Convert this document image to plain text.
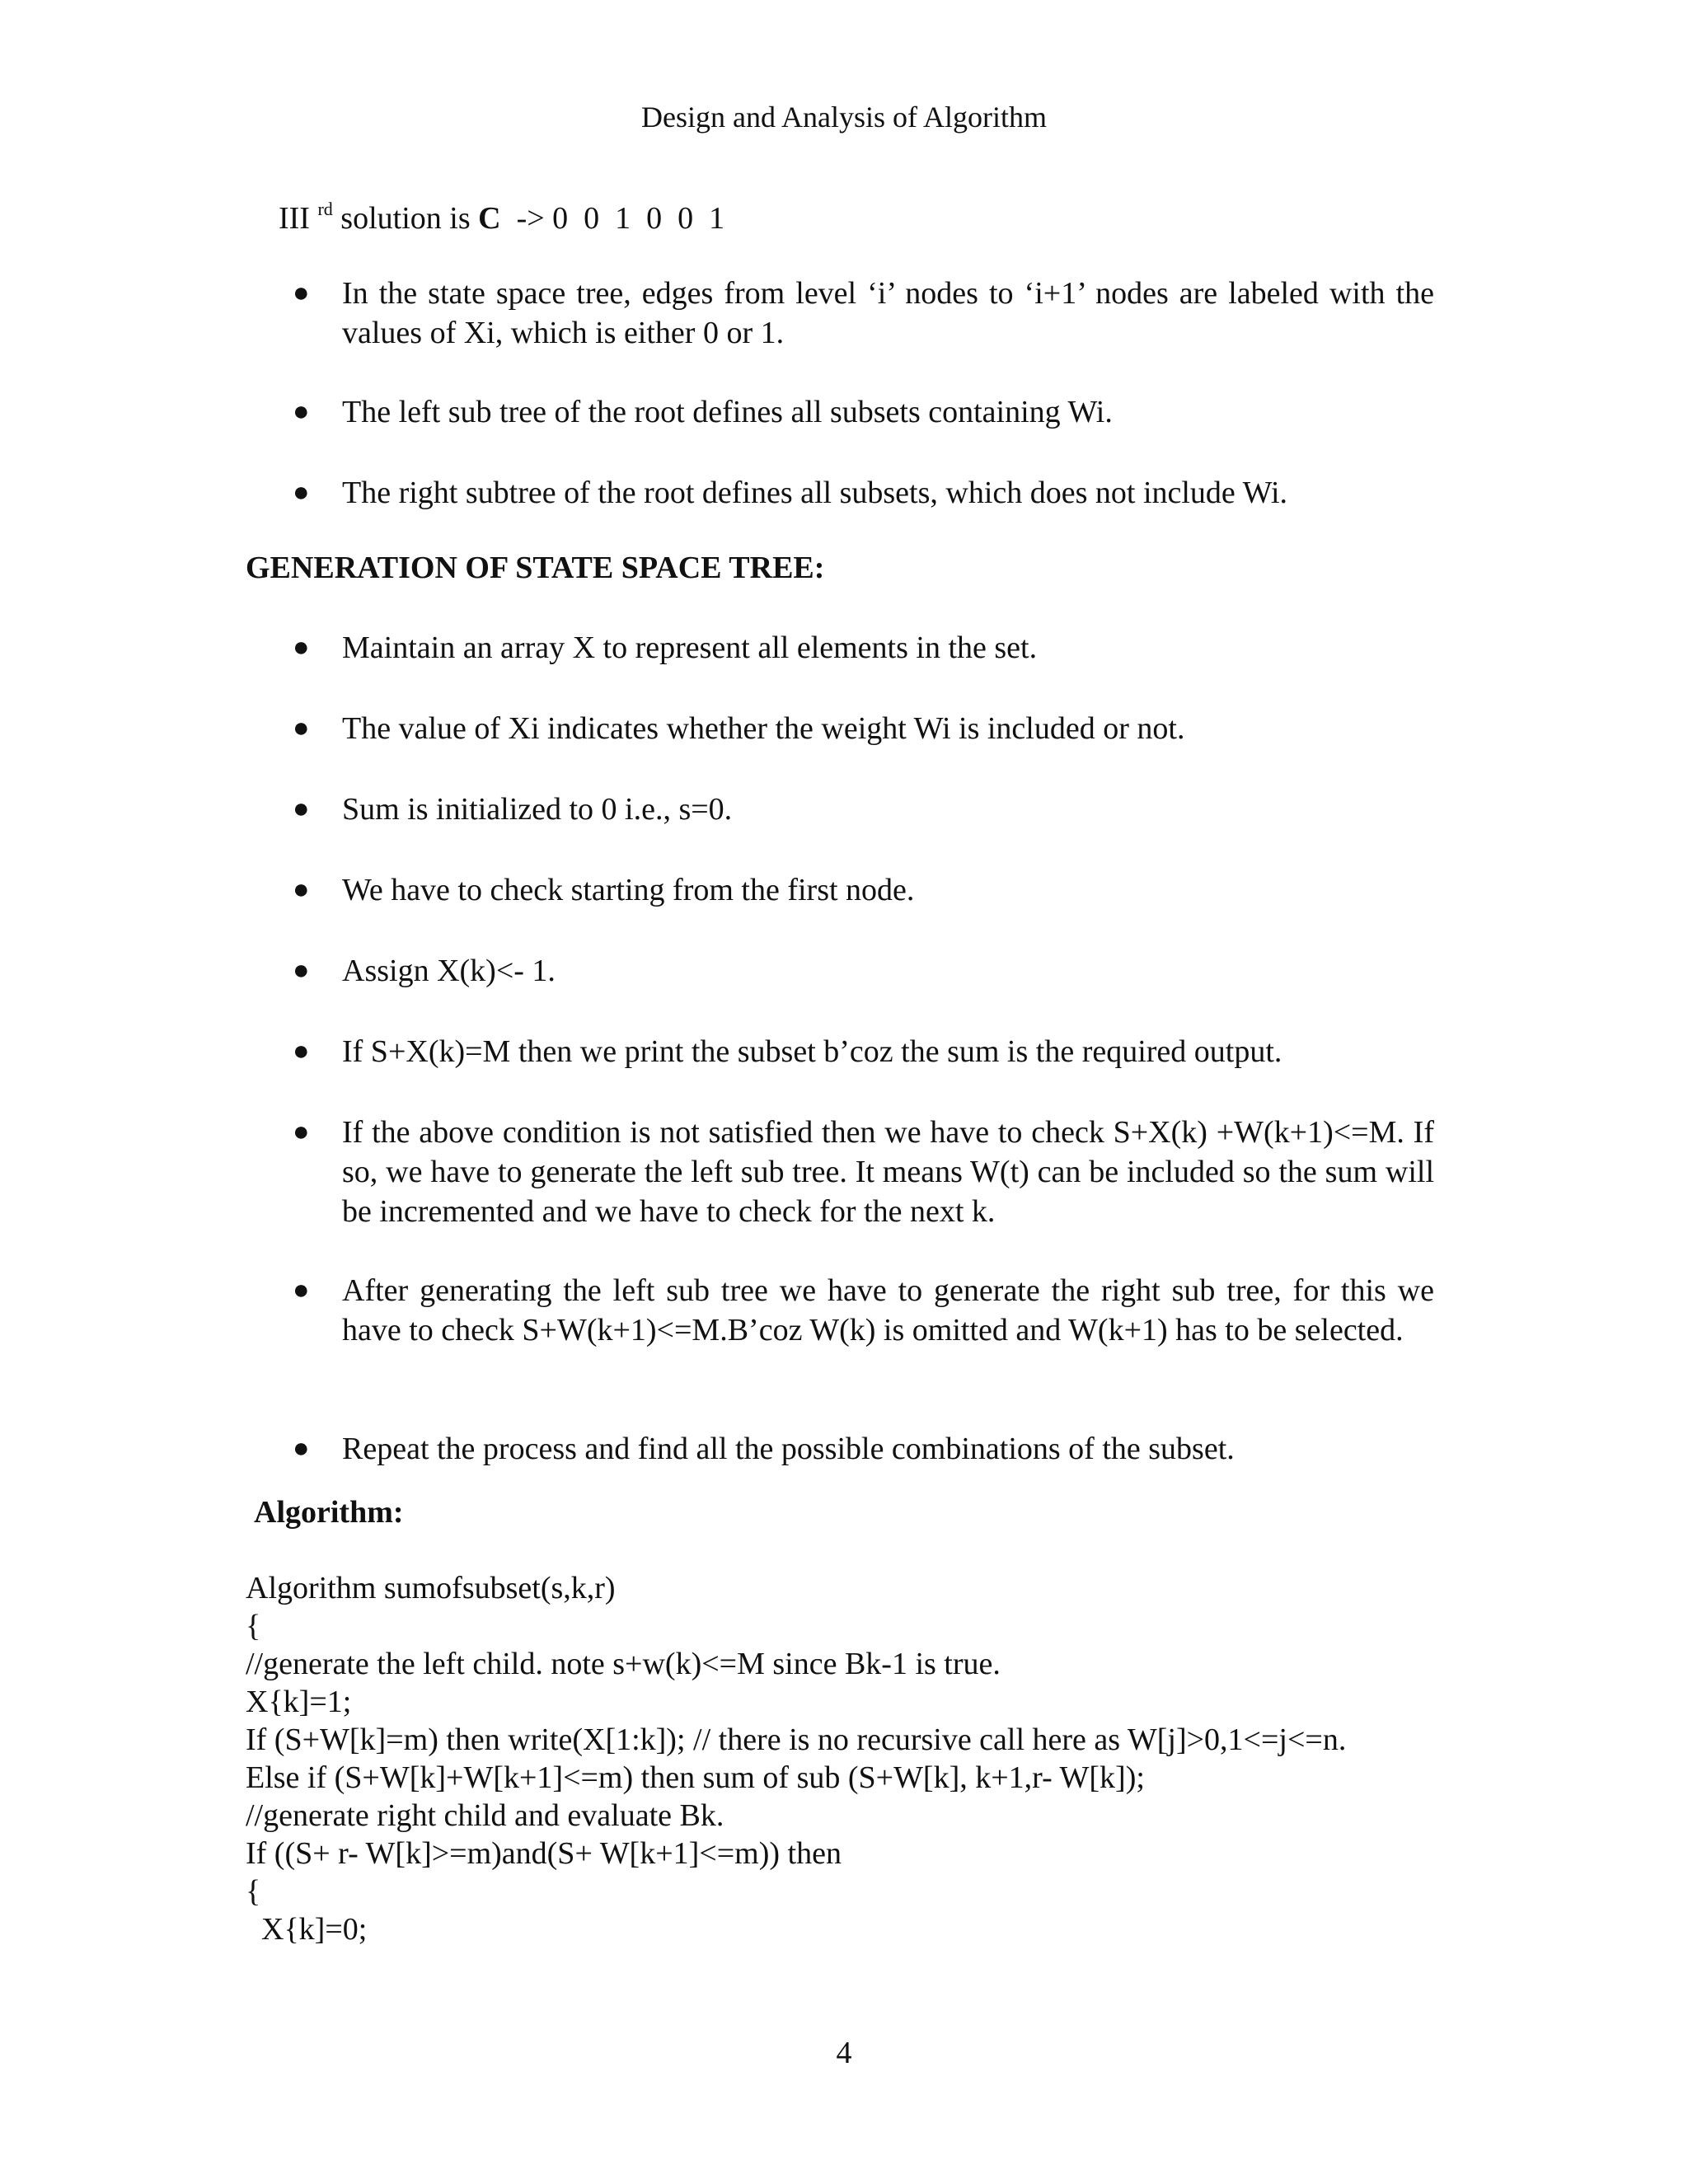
Design and Analysis of Algorithm
III $^{rd}$ solution is C  -> 0  0  1  0  0  1
●	In the state space tree, edges from level ‘i’ nodes to ‘i+1’ nodes are labeled with the values of Xi, which is either 0 or 1.
●	The left sub tree of the root defines all subsets containing Wi.
●	The right subtree of the root defines all subsets, which does not include Wi.
GENERATION OF STATE SPACE TREE:
●	Maintain an array X to represent all elements in the set.
●	The value of Xi indicates whether the weight Wi is included or not.
●	Sum is initialized to 0 i.e., s=0.
●	We have to check starting from the first node.
●	Assign X(k)<- 1.
●	If S+X(k)=M then we print the subset b’coz the sum is the required output.
●	If the above condition is not satisfied then we have to check S+X(k) +W(k+1)<=M. If so, we have to generate the left sub tree. It means W(t) can be included so the sum will be incremented and we have to check for the next k.
●	After generating the left sub tree we have to generate the right sub tree, for this we have to check S+W(k+1)<=M.B’coz W(k) is omitted and W(k+1) has to be selected.
●	Repeat the process and find all the possible combinations of the subset.
Algorithm:
Algorithm sumofsubset(s,k,r)
{
//generate the left child. note s+w(k)<=M since Bk-1 is true.
X{k]=1;
If (S+W[k]=m) then write(X[1:k]); // there is no recursive call here as W[j]>0,1<=j<=n.
Else if (S+W[k]+W[k+1]<=m) then sum of sub (S+W[k], k+1,r- W[k]);
//generate right child and evaluate Bk.
If ((S+ r- W[k]>=m)and(S+ W[k+1]<=m)) then
{
X{k]=0;
4
